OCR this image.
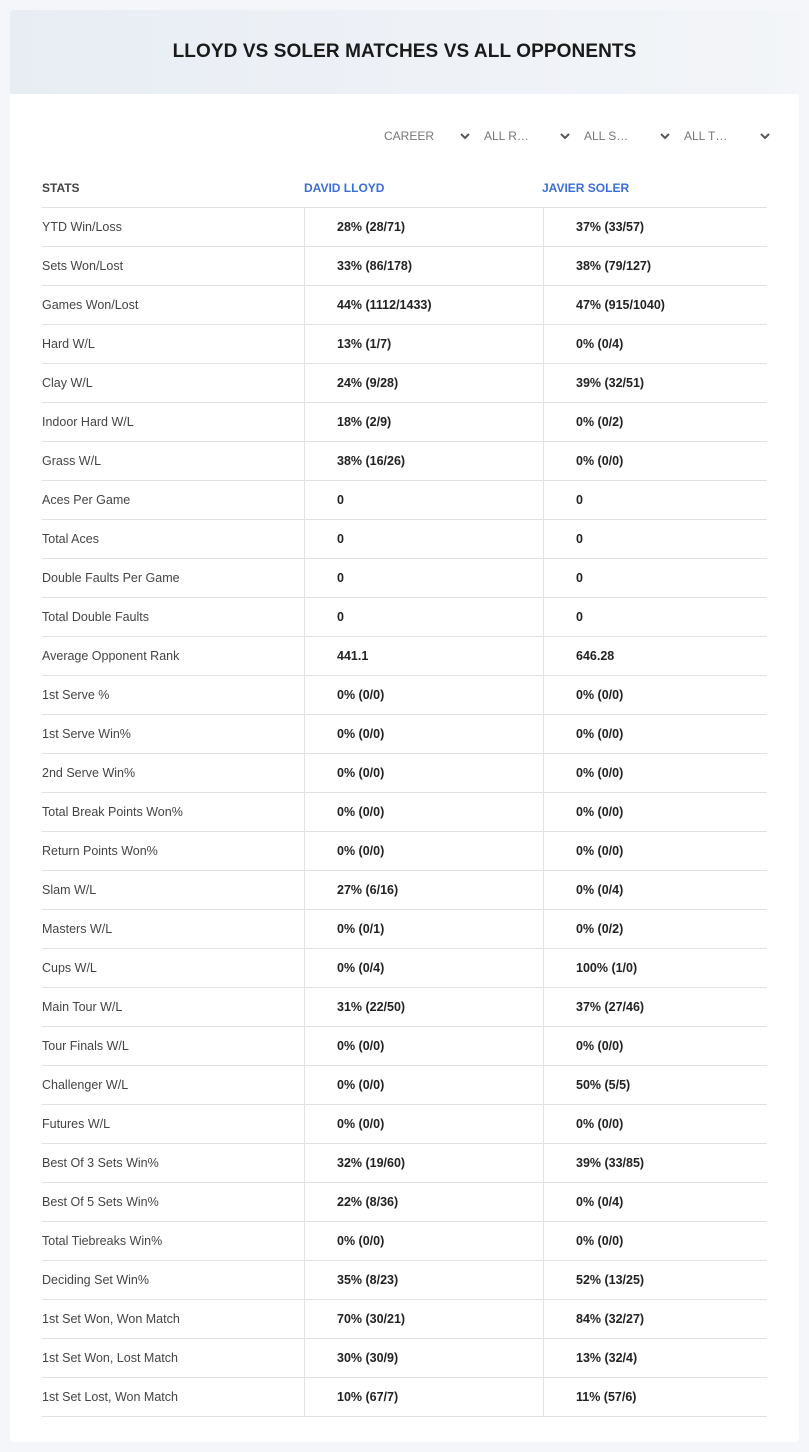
LLOYD VS SOLER MATCHES VS ALL OPPONENTS
CAREER	ALL R…	ALL S…	ALL T…
STATS	DAVID LLOYD	JAVIER SOLER
YTD Win/Loss	28% (28/71)	37% (33/57)
Sets Won/Lost	33% (86/178)	38% (79/127)
Games Won/Lost	44% (1112/1433)	47% (915/1040)
Hard W/L	13% (1/7)	0% (0/4)
Clay W/L	24% (9/28)	39% (32/51)
Indoor Hard W/L	18% (2/9)	0% (0/2)
Grass W/L	38% (16/26)	0% (0/0)
Aces Per Game	0	0
Total Aces	0	0
Double Faults Per Game	0	0
Total Double Faults	0	0
Average Opponent Rank	441.1	646.28
1st Serve %	0% (0/0)	0% (0/0)
1st Serve Win%	0% (0/0)	0% (0/0)
2nd Serve Win%	0% (0/0)	0% (0/0)
Total Break Points Won%	0% (0/0)	0% (0/0)
Return Points Won%	0% (0/0)	0% (0/0)
Slam W/L	27% (6/16)	0% (0/4)
Masters W/L	0% (0/1)	0% (0/2)
Cups W/L	0% (0/4)	100% (1/0)
Main Tour W/L	31% (22/50)	37% (27/46)
Tour Finals W/L	0% (0/0)	0% (0/0)
Challenger W/L	0% (0/0)	50% (5/5)
Futures W/L	0% (0/0)	0% (0/0)
Best Of 3 Sets Win%	32% (19/60)	39% (33/85)
Best Of 5 Sets Win%	22% (8/36)	0% (0/4)
Total Tiebreaks Win%	0% (0/0)	0% (0/0)
Deciding Set Win%	35% (8/23)	52% (13/25)
1st Set Won, Won Match	70% (30/21)	84% (32/27)
1st Set Won, Lost Match	30% (30/9)	13% (32/4)
1st Set Lost, Won Match	10% (67/7)	11% (57/6)
